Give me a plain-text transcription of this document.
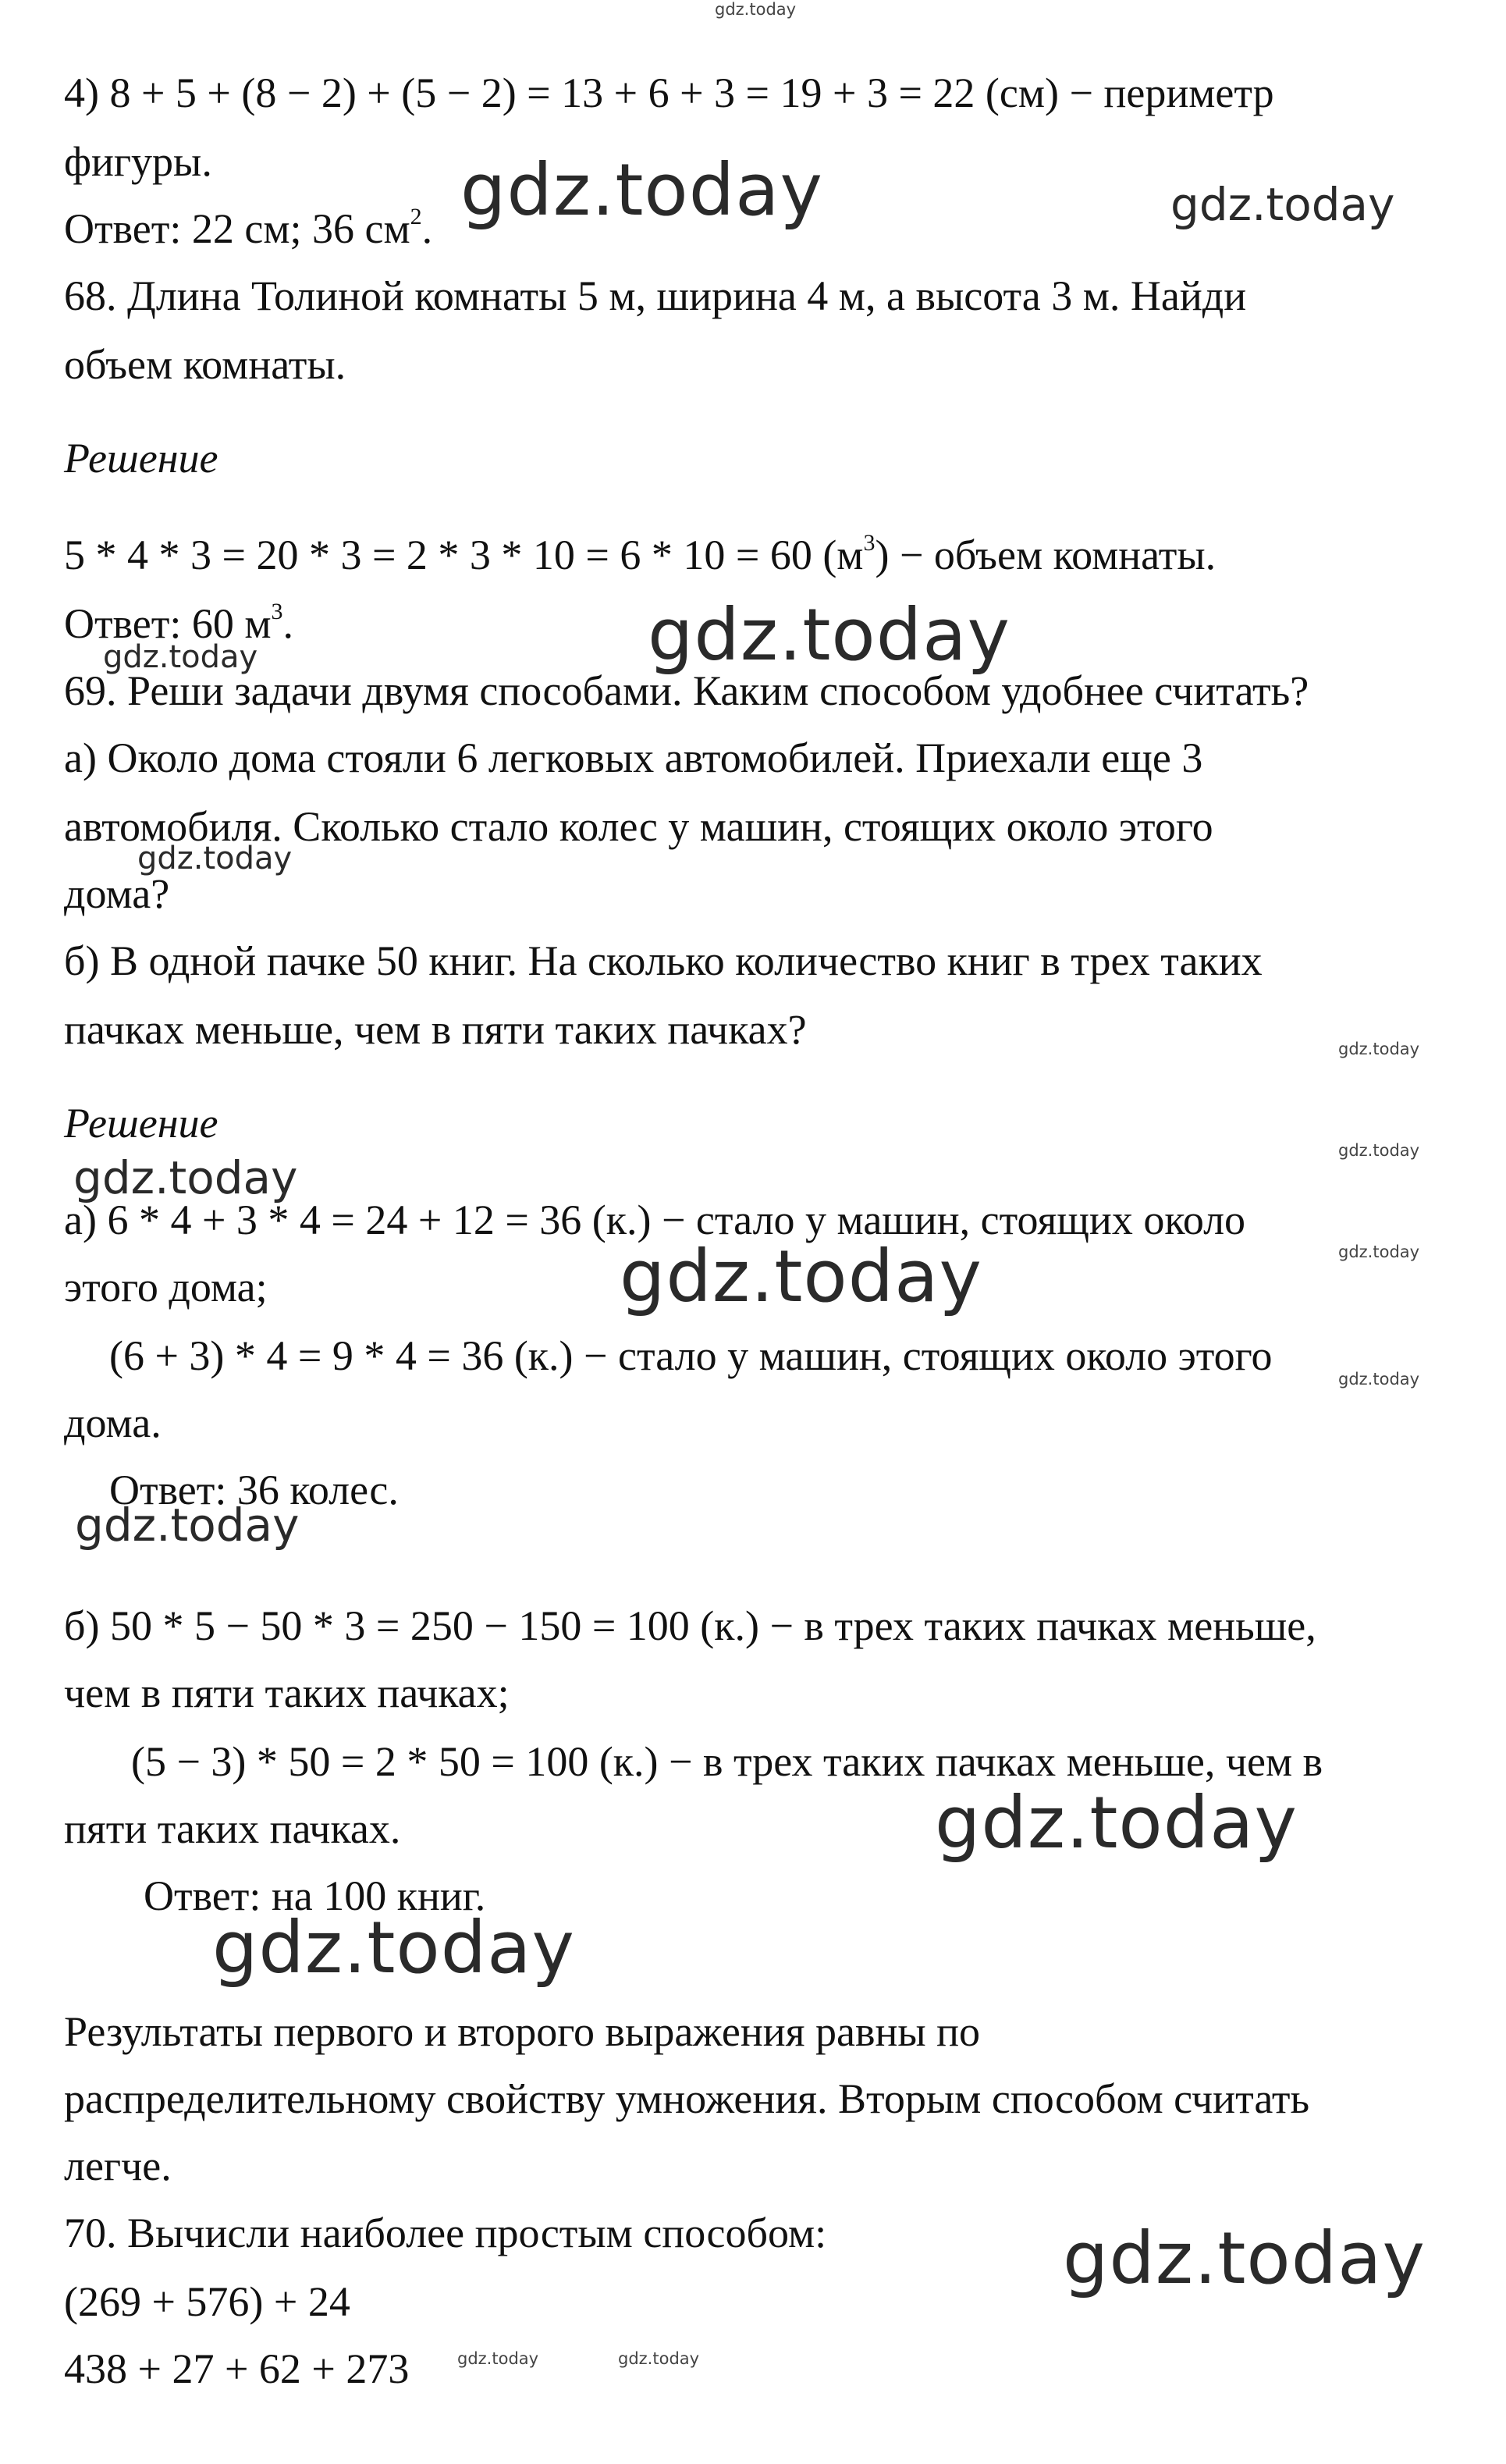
gdz.today
gdz.today	gdz.today
gdz.today
gdz.today
gdz.today
gdz.today
gdz.today
gdz.today
gdz.today
gdz.today
gdz.today
gdz.today
gdz.today
gdz.today
gdz.today
gdz.today	gdz.today
4) 8 + 5 + (8 − 2) + (5 − 2) = 13 + 6 + 3 = 19 + 3 = 22 (см) − периметр
фигуры.
Ответ: 22 см; 36 $см^2$.
68. Длина Толиной комнаты 5 м, ширина 4 м, а высота 3 м. Найди
объем комнаты.
Решение
5 * 4 * 3 = 20 * 3 = 2 * 3 * 10 = 6 * 10 = 60 $(м^3)$ − объем комнаты.
Ответ: 60 $м^3$.
69. Реши задачи двумя способами. Каким способом удобнее считать?
а) Около дома стояли 6 легковых автомобилей. Приехали еще 3
автомобиля. Сколько стало колес у машин, стоящих около этого
дома?
б) В одной пачке 50 книг. На сколько количество книг в трех таких
пачках меньше, чем в пяти таких пачках?
Решение
а) 6 * 4 + 3 * 4 = 24 + 12 = 36 (к.) − стало у машин, стоящих около
этого дома;
(6 + 3) * 4 = 9 * 4 = 36 (к.) − стало у машин, стоящих около этого
дома.
Ответ: 36 колес.
б) 50 * 5 − 50 * 3 = 250 − 150 = 100 (к.) − в трех таких пачках меньше,
чем в пяти таких пачках;
(5 − 3) * 50 = 2 * 50 = 100 (к.) − в трех таких пачках меньше, чем в
пяти таких пачках.
Ответ: на 100 книг.
Результаты первого и второго выражения равны по
распределительному свойству умножения. Вторым способом считать
легче.
70. Вычисли наиболее простым способом:
(269 + 576) + 24
438 + 27 + 62 + 273
